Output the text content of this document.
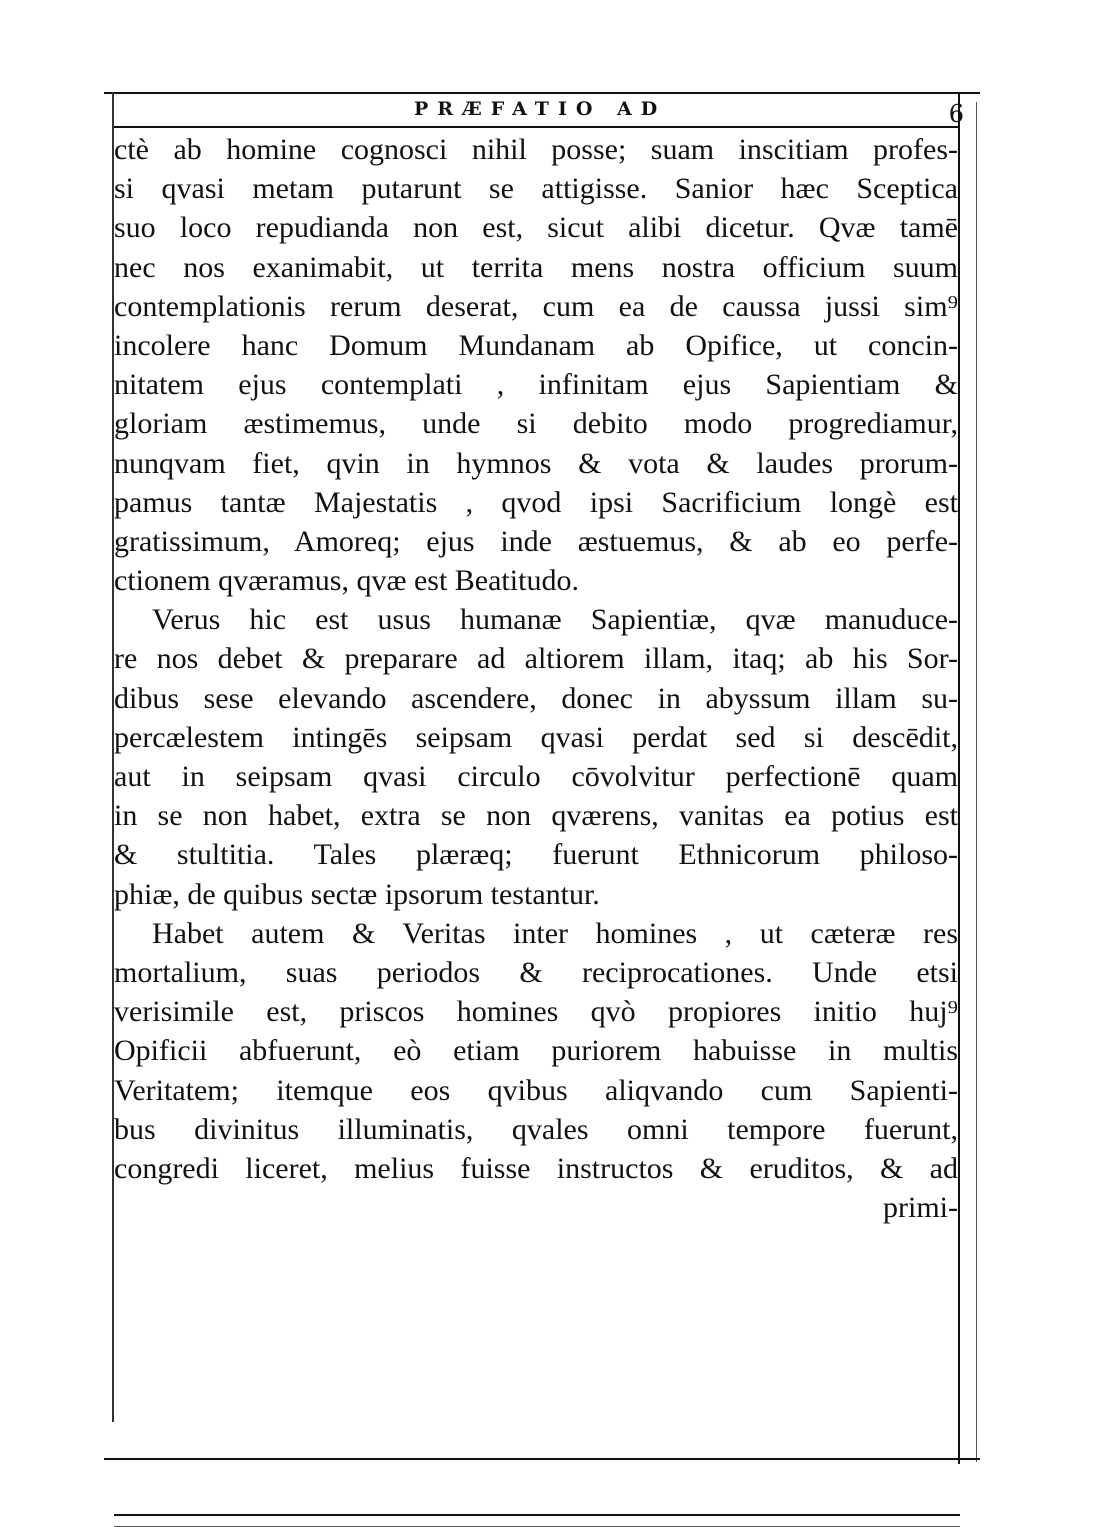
PRÆFATIO AD	6
ctè ab homine cognosci nihil posse; suam inscitiam profes-
si qvasi metam putarunt se attigisse. Sanior hæc Sceptica
suo loco repudianda non est, sicut alibi dicetur. Qvæ tamē
nec nos exanimabit, ut territa mens nostra officium suum
contemplationis rerum deserat, cum ea de caussa jussi sim⁹
incolere hanc Domum Mundanam ab Opifice, ut concin-
nitatem ejus contemplati , infinitam ejus Sapientiam &
gloriam æstimemus, unde si debito modo progrediamur,
nunqvam fiet, qvin in hymnos & vota & laudes prorum-
pamus tantæ Majestatis , qvod ipsi Sacrificium longè est
gratissimum, Amoreq; ejus inde æstuemus, & ab eo perfe-
ctionem qværamus, qvæ est Beatitudo.
Verus hic est usus humanæ Sapientiæ, qvæ manuduce-
re nos debet & preparare ad altiorem illam, itaq; ab his Sor-
dibus sese elevando ascendere, donec in abyssum illam su-
percælestem intingēs seipsam qvasi perdat sed si descēdit,
aut in seipsam qvasi circulo cōvolvitur perfectionē quam
in se non habet, extra se non qværens, vanitas ea potius est
& stultitia. Tales plæræq; fuerunt Ethnicorum philoso-
phiæ, de quibus sectæ ipsorum testantur.
Habet autem & Veritas inter homines , ut cæteræ res
mortalium, suas periodos & reciprocationes. Unde etsi
verisimile est, priscos homines qvò propiores initio huj⁹
Opificii abfuerunt, eò etiam puriorem habuisse in multis
Veritatem; itemque eos qvibus aliqvando cum Sapienti-
bus divinitus illuminatis, qvales omni tempore fuerunt,
congredi liceret, melius fuisse instructos & eruditos, & ad
primi-
